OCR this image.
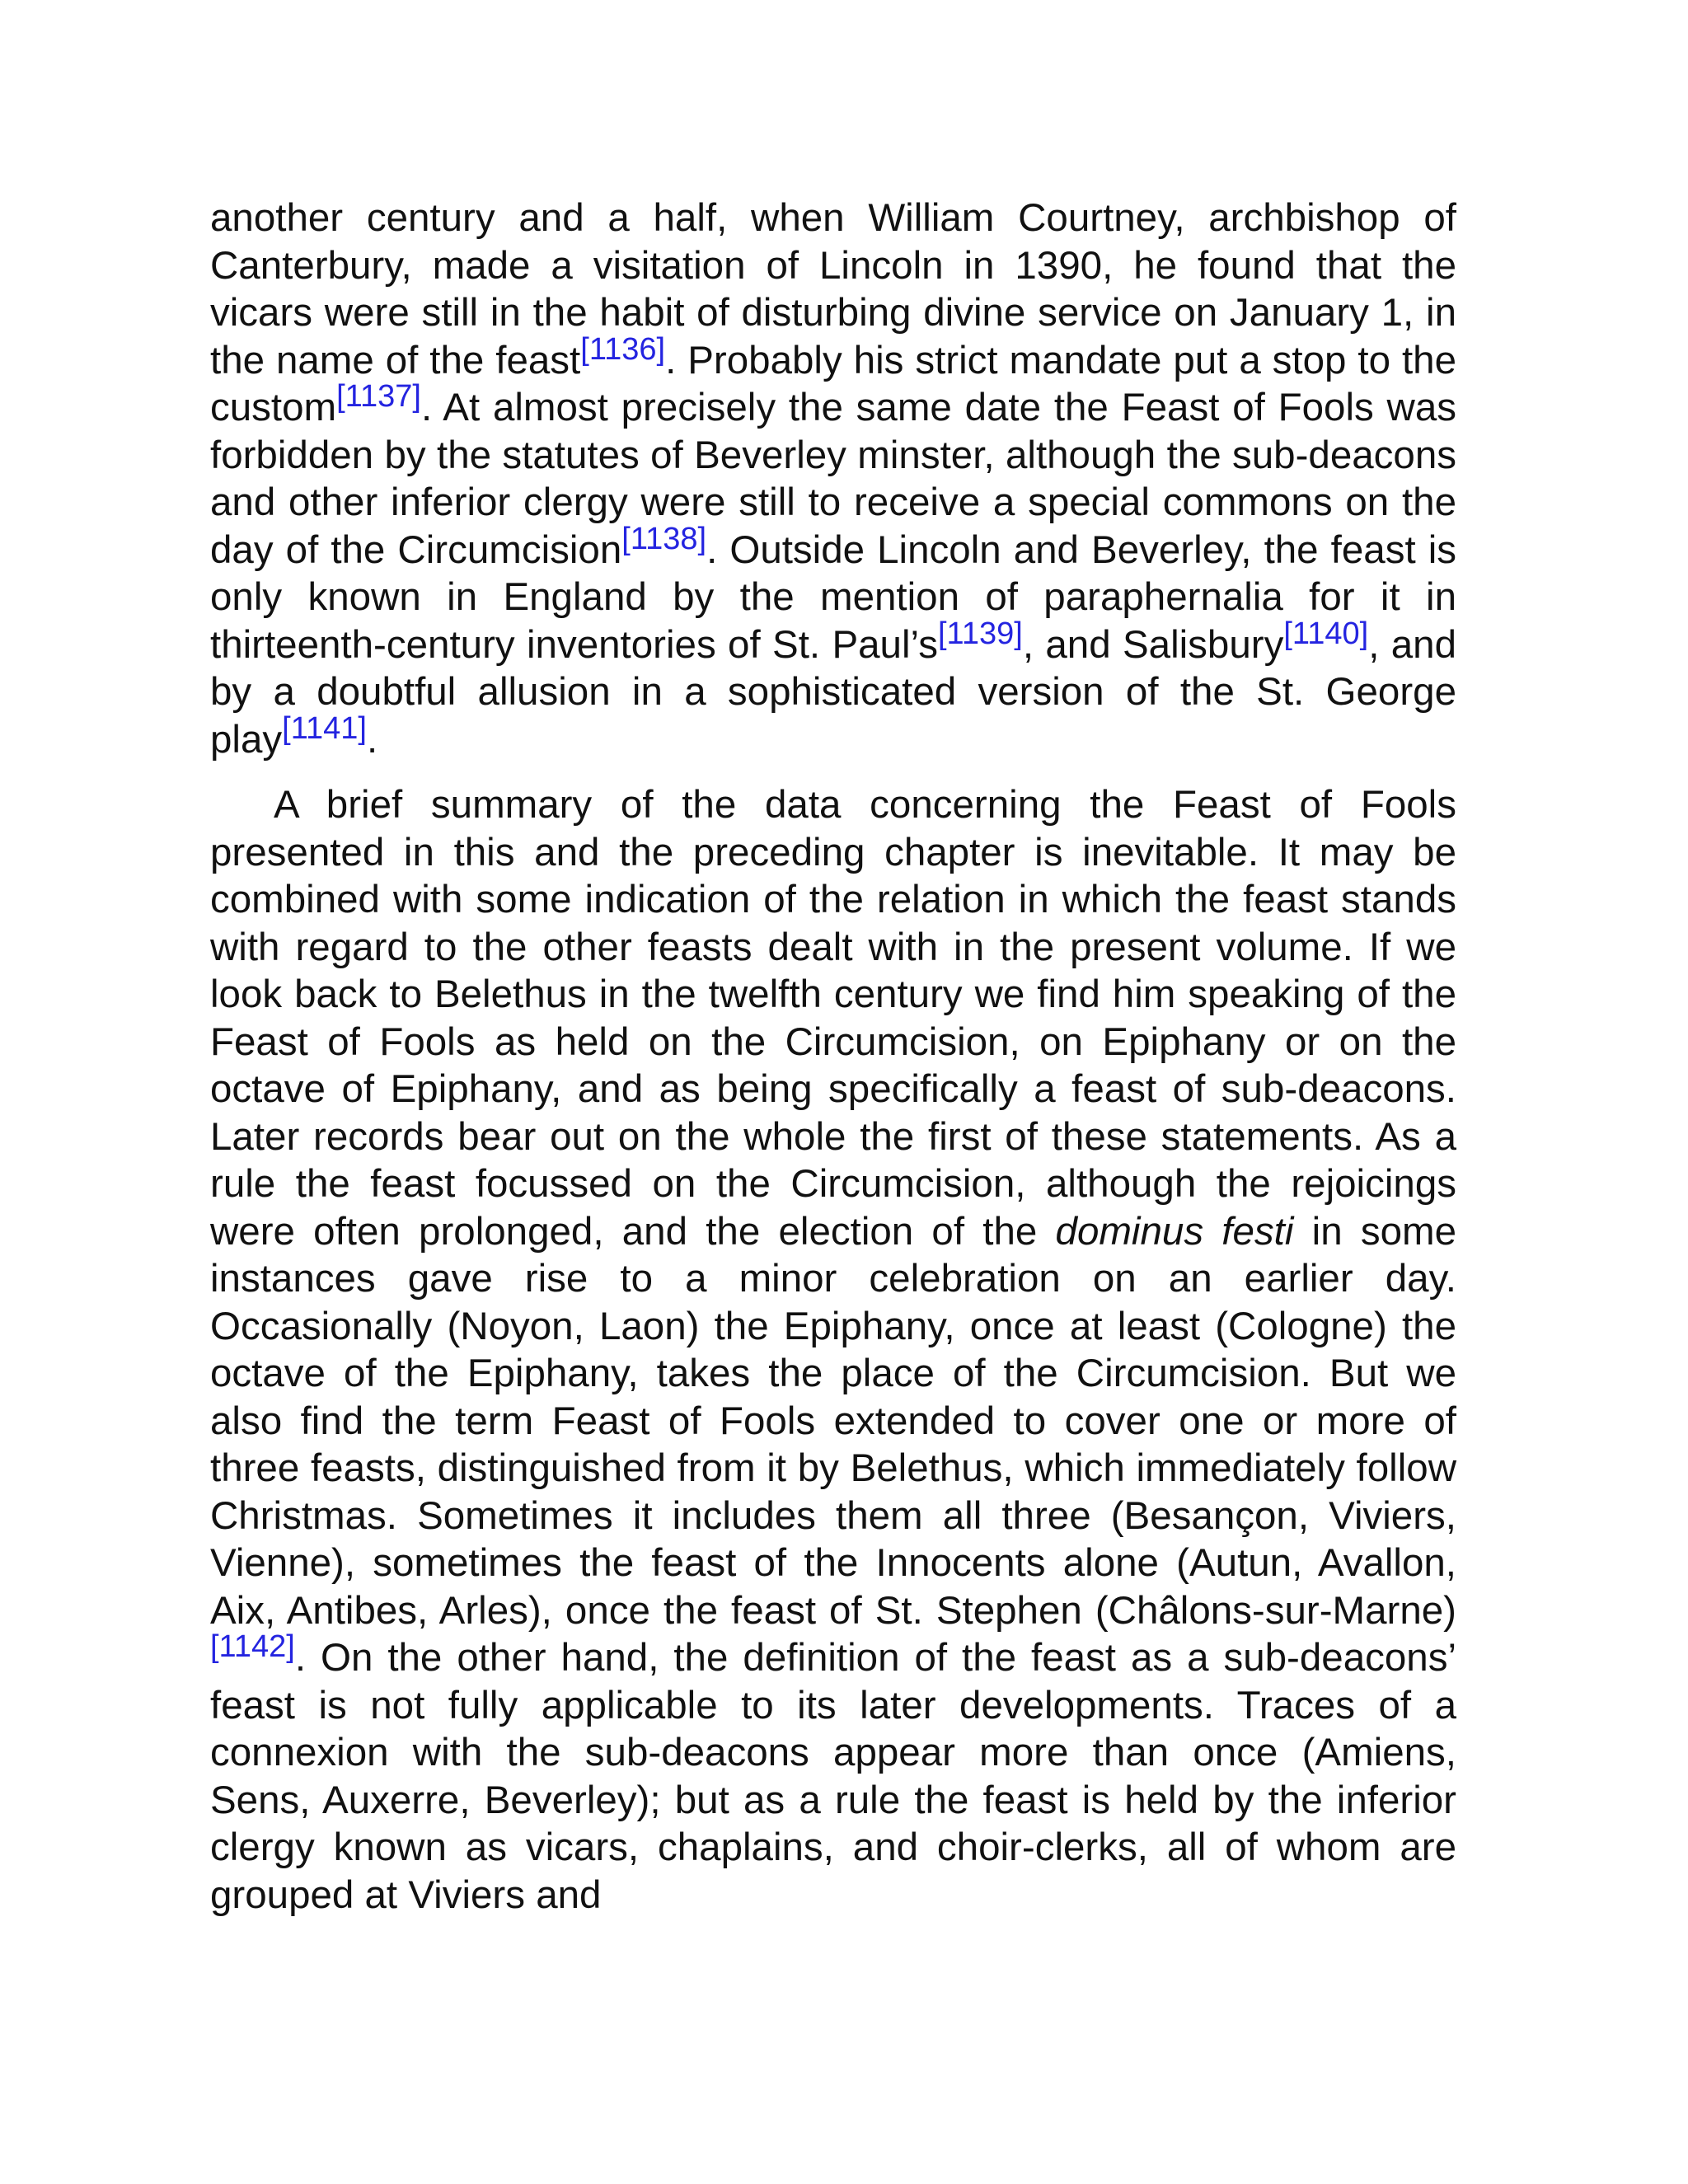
another century and a half, when William Courtney, archbishop of Canterbury, made a visitation of Lincoln in 1390, he found that the vicars were still in the habit of disturbing divine service on January 1, in the name of the feast[1136]. Probably his strict mandate put a stop to the custom[1137]. At almost precisely the same date the Feast of Fools was forbidden by the statutes of Beverley minster, although the sub-deacons and other inferior clergy were still to receive a special commons on the day of the Circumcision[1138]. Outside Lincoln and Beverley, the feast is only known in England by the mention of paraphernalia for it in thirteenth-century inventories of St. Paul’s[1139], and Salisbury[1140], and by a doubtful allusion in a sophisticated version of the St. George play[1141].

A brief summary of the data concerning the Feast of Fools presented in this and the preceding chapter is inevitable. It may be combined with some indication of the relation in which the feast stands with regard to the other feasts dealt with in the present volume. If we look back to Belethus in the twelfth century we find him speaking of the Feast of Fools as held on the Circumcision, on Epiphany or on the octave of Epiphany, and as being specifically a feast of sub-deacons. Later records bear out on the whole the first of these statements. As a rule the feast focussed on the Circumcision, although the rejoicings were often prolonged, and the election of the dominus festi in some instances gave rise to a minor celebration on an earlier day. Occasionally (Noyon, Laon) the Epiphany, once at least (Cologne) the octave of the Epiphany, takes the place of the Circumcision. But we also find the term Feast of Fools extended to cover one or more of three feasts, distinguished from it by Belethus, which immediately follow Christmas. Sometimes it includes them all three (Besançon, Viviers, Vienne), sometimes the feast of the Innocents alone (Autun, Avallon, Aix, Antibes, Arles), once the feast of St. Stephen (Châlons-sur-Marne)[1142]. On the other hand, the definition of the feast as a sub-deacons’ feast is not fully applicable to its later developments. Traces of a connexion with the sub-deacons appear more than once (Amiens, Sens, Auxerre, Beverley); but as a rule the feast is held by the inferior clergy known as vicars, chaplains, and choir-clerks, all of whom are grouped at Viviers and
